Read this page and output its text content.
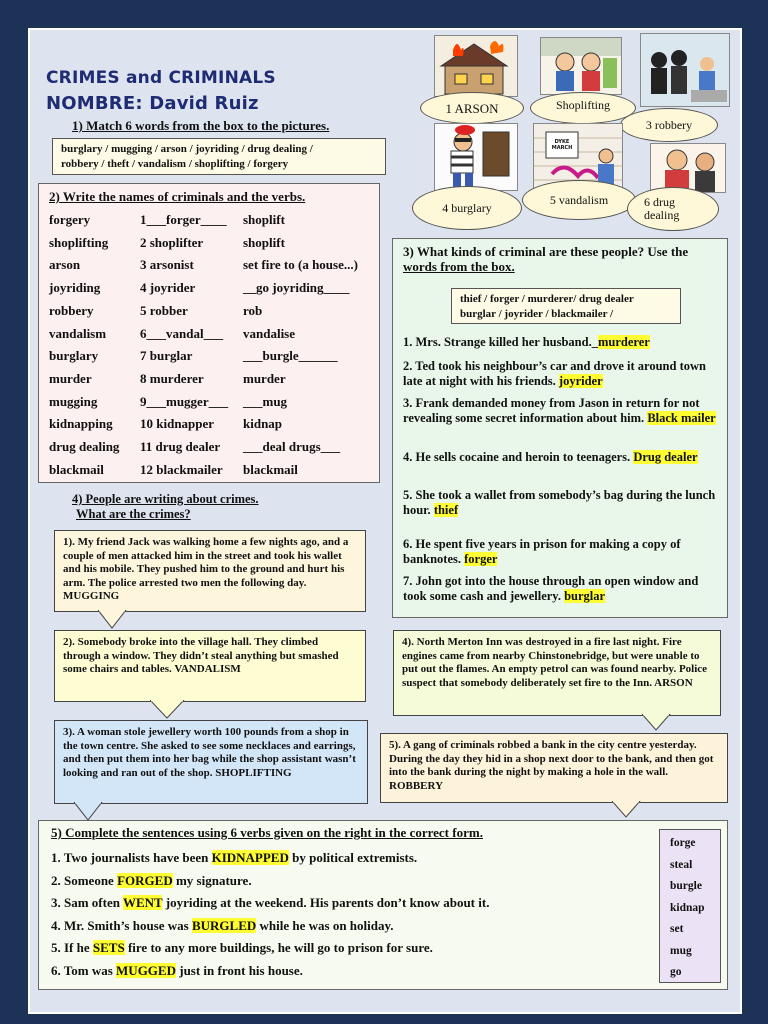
CRIMES and CRIMINALS
NOMBRE: David Ruiz
1) Match 6 words from the box to the pictures.
burglary / mugging / arson / joyriding / drug dealing /
robbery / theft / vandalism / shoplifting / forgery
1 ARSON	Shoplifting
3 robbery
DYKE MARCH
4 burglary
5 vandalism	6 drug dealing
2) Write the names of criminals and the verbs.
forgery	1___forger____ shoplift
shoplifting 2 shoplifter	shoplift
arson	3 arsonist	set fire to (a house...)
joyriding	4 joyrider	__go joyriding____
robbery	5 robber	rob
vandalism	6___vandal___ vandalise
burglary	7 burglar	___burgle______
murder	8 murderer	murder
mugging	9___mugger___ ___mug
kidnapping 10 kidnapper kidnap
drug dealing 11 drug dealer ___deal drugs___
blackmail	12 blackmailer blackmail
3) What kinds of criminal are these people? Use the
words from the box.
thief / forger / murderer/ drug dealer
burglar / joyrider / blackmailer /
1. Mrs. Strange killed her husband._murderer
2. Ted took his neighbour’s car and drove it around town late at night with his friends. joyrider
3. Frank demanded money from Jason in return for not revealing some secret information about him. Black mailer
4. He sells cocaine and heroin to teenagers. Drug dealer
5. She took a wallet from somebody’s bag during the lunch hour. thief
6. He spent five years in prison for making a copy of banknotes. forger
7. John got into the house through an open window and took some cash and jewellery. burglar
4) People are writing about crimes.
What are the crimes?
1). My friend Jack was walking home a few nights ago, and a couple of men attacked him in the street and took his wallet and his mobile. They pushed him to the ground and hurt his arm. The police arrested two men the following day. MUGGING
2). Somebody broke into the village hall. They climbed through a window. They didn’t steal anything but smashed some chairs and tables. VANDALISM
3). A woman stole jewellery worth 100 pounds from a shop in the town centre. She asked to see some necklaces and earrings, and then put them into her bag while the shop assistant wasn’t looking and ran out of the shop. SHOPLIFTING
4). North Merton Inn was destroyed in a fire last night. Fire engines came from nearby Chinstonebridge, but were unable to put out the flames. An empty petrol can was found nearby. Police suspect that somebody deliberately set fire to the Inn. ARSON
5). A gang of criminals robbed a bank in the city centre yesterday. During the day they hid in a shop next door to the bank, and then got into the bank during the night by making a hole in the wall. ROBBERY
5) Complete the sentences using 6 verbs given on the right in the correct form.
1. Two journalists have been KIDNAPPED by political extremists.
2. Someone FORGED my signature.
3. Sam often WENT joyriding at the weekend. His parents don’t know about it.
4. Mr. Smith’s house was BURGLED while he was on holiday.
5. If he SETS fire to any more buildings, he will go to prison for sure.
6. Tom was MUGGED just in front his house.
forge
steal
burgle
kidnap
set
mug
go
